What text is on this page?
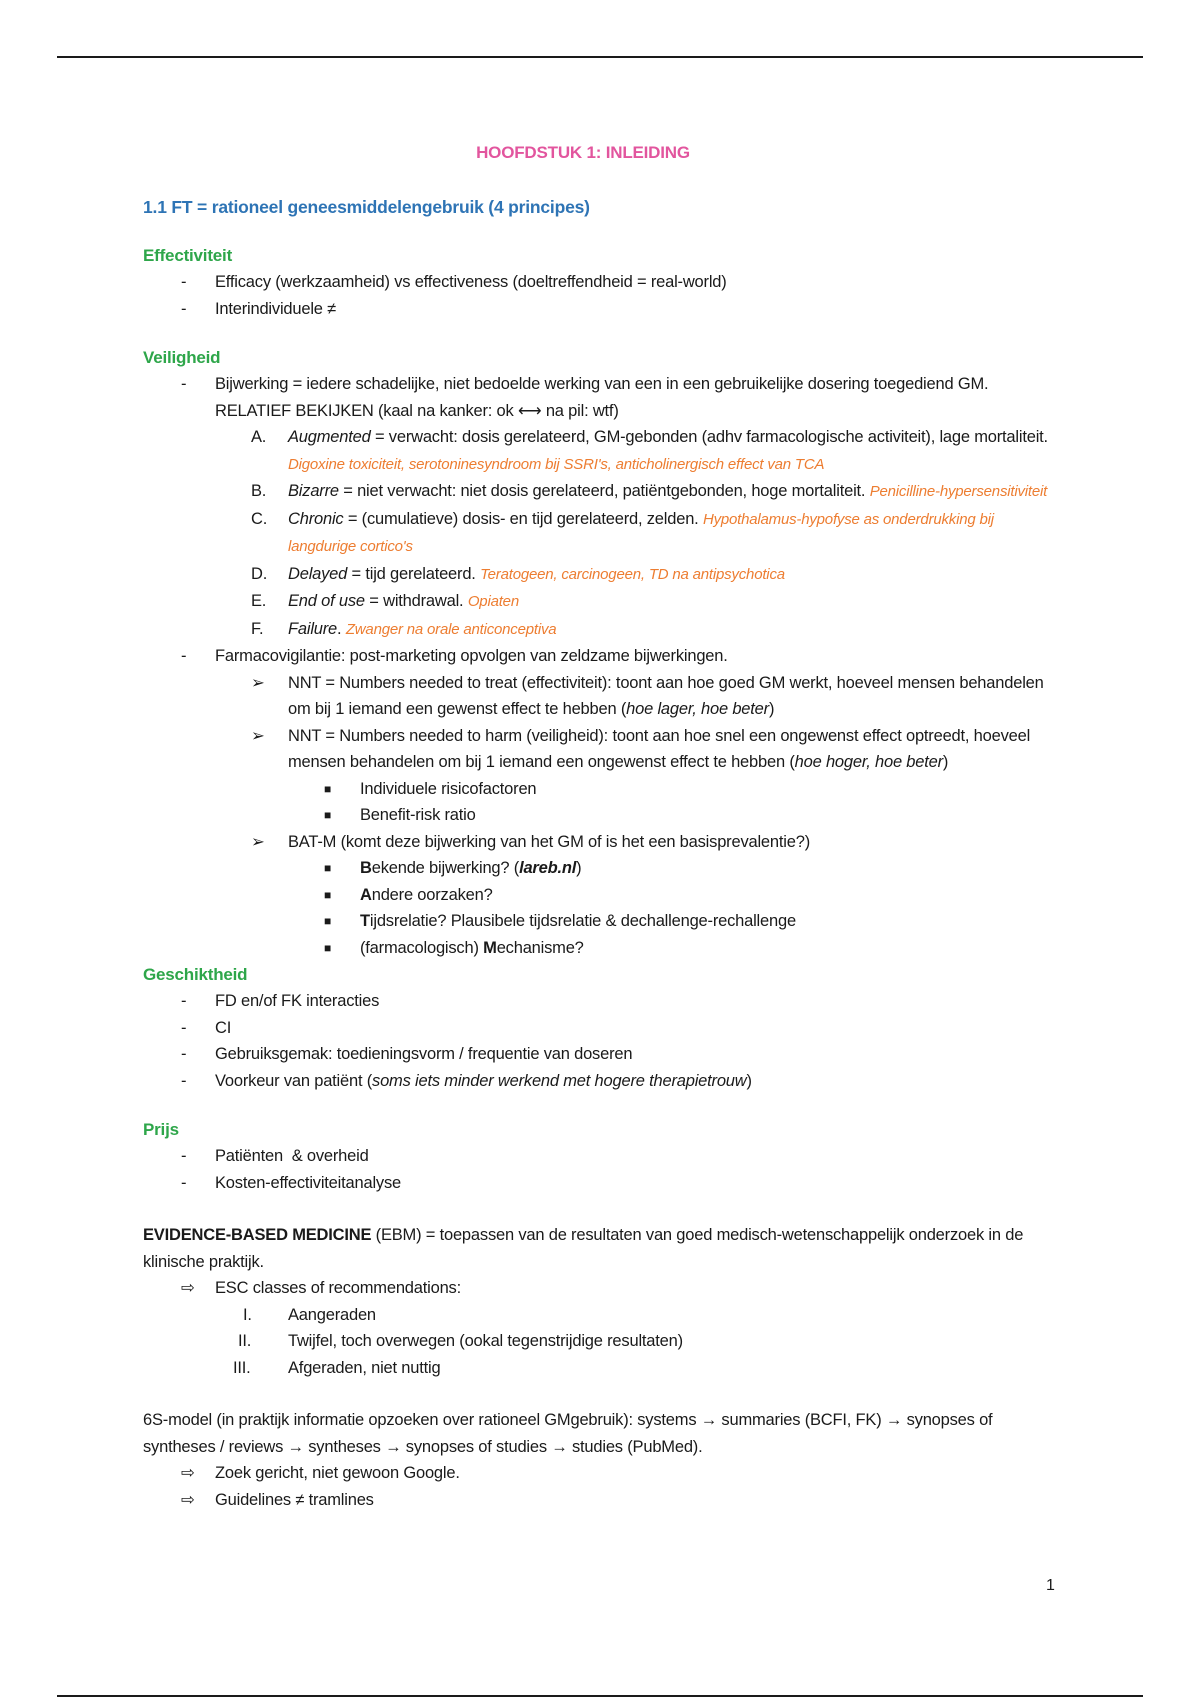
HOOFDSTUK 1: INLEIDING
1.1 FT = rationeel geneesmiddelengebruik (4 principes)
Effectiviteit
- Efficacy (werkzaamheid) vs effectiveness (doeltreffendheid = real-world)
- Interindividuele ≠
Veiligheid
- Bijwerking = iedere schadelijke, niet bedoelde werking van een in een gebruikelijke dosering toegediend GM.
RELATIEF BEKIJKEN (kaal na kanker: ok ⟷ na pil: wtf)
A. Augmented = verwacht: dosis gerelateerd, GM-gebonden (adhv farmacologische activiteit), lage mortaliteit. Digoxine toxiciteit, serotoninesyndroom bij SSRI's, anticholinergisch effect van TCA
B. Bizarre = niet verwacht: niet dosis gerelateerd, patiëntgebonden, hoge mortaliteit. Penicilline-hypersensitiviteit
C. Chronic = (cumulatieve) dosis- en tijd gerelateerd, zelden. Hypothalamus-hypofyse as onderdrukking bij langdurige cortico's
D. Delayed = tijd gerelateerd. Teratogeen, carcinogeen, TD na antipsychotica
E. End of use = withdrawal. Opiaten
F. Failure. Zwanger na orale anticonceptiva
- Farmacovigilantie: post-marketing opvolgen van zeldzame bijwerkingen.
➢ NNT = Numbers needed to treat (effectiviteit): toont aan hoe goed GM werkt, hoeveel mensen behandelen om bij 1 iemand een gewenst effect te hebben (hoe lager, hoe beter)
➢ NNT = Numbers needed to harm (veiligheid): toont aan hoe snel een ongewenst effect optreedt, hoeveel mensen behandelen om bij 1 iemand een ongewenst effect te hebben (hoe hoger, hoe beter)
■ Individuele risicofactoren
■ Benefit-risk ratio
➢ BAT-M (komt deze bijwerking van het GM of is het een basisprevalentie?)
■ Bekende bijwerking? (lareb.nl)
■ Andere oorzaken?
■ Tijdsrelatie? Plausibele tijdsrelatie & dechallenge-rechallenge
■ (farmacologisch) Mechanisme?
Geschiktheid
- FD en/of FK interacties
- CI
- Gebruiksgemak: toedieningsvorm / frequentie van doseren
- Voorkeur van patiënt (soms iets minder werkend met hogere therapietrouw)
Prijs
- Patiënten  & overheid
- Kosten-effectiviteitanalyse
EVIDENCE-BASED MEDICINE (EBM) = toepassen van de resultaten van goed medisch-wetenschappelijk onderzoek in de klinische praktijk.
⇨ ESC classes of recommendations:
I. Aangeraden
II. Twijfel, toch overwegen (ookal tegenstrijdige resultaten)
III. Afgeraden, niet nuttig
6S-model (in praktijk informatie opzoeken over rationeel GMgebruik): systems → summaries (BCFI, FK) → synopses of syntheses / reviews → syntheses → synopses of studies → studies (PubMed).
⇨ Zoek gericht, niet gewoon Google.
⇨ Guidelines ≠ tramlines
1
